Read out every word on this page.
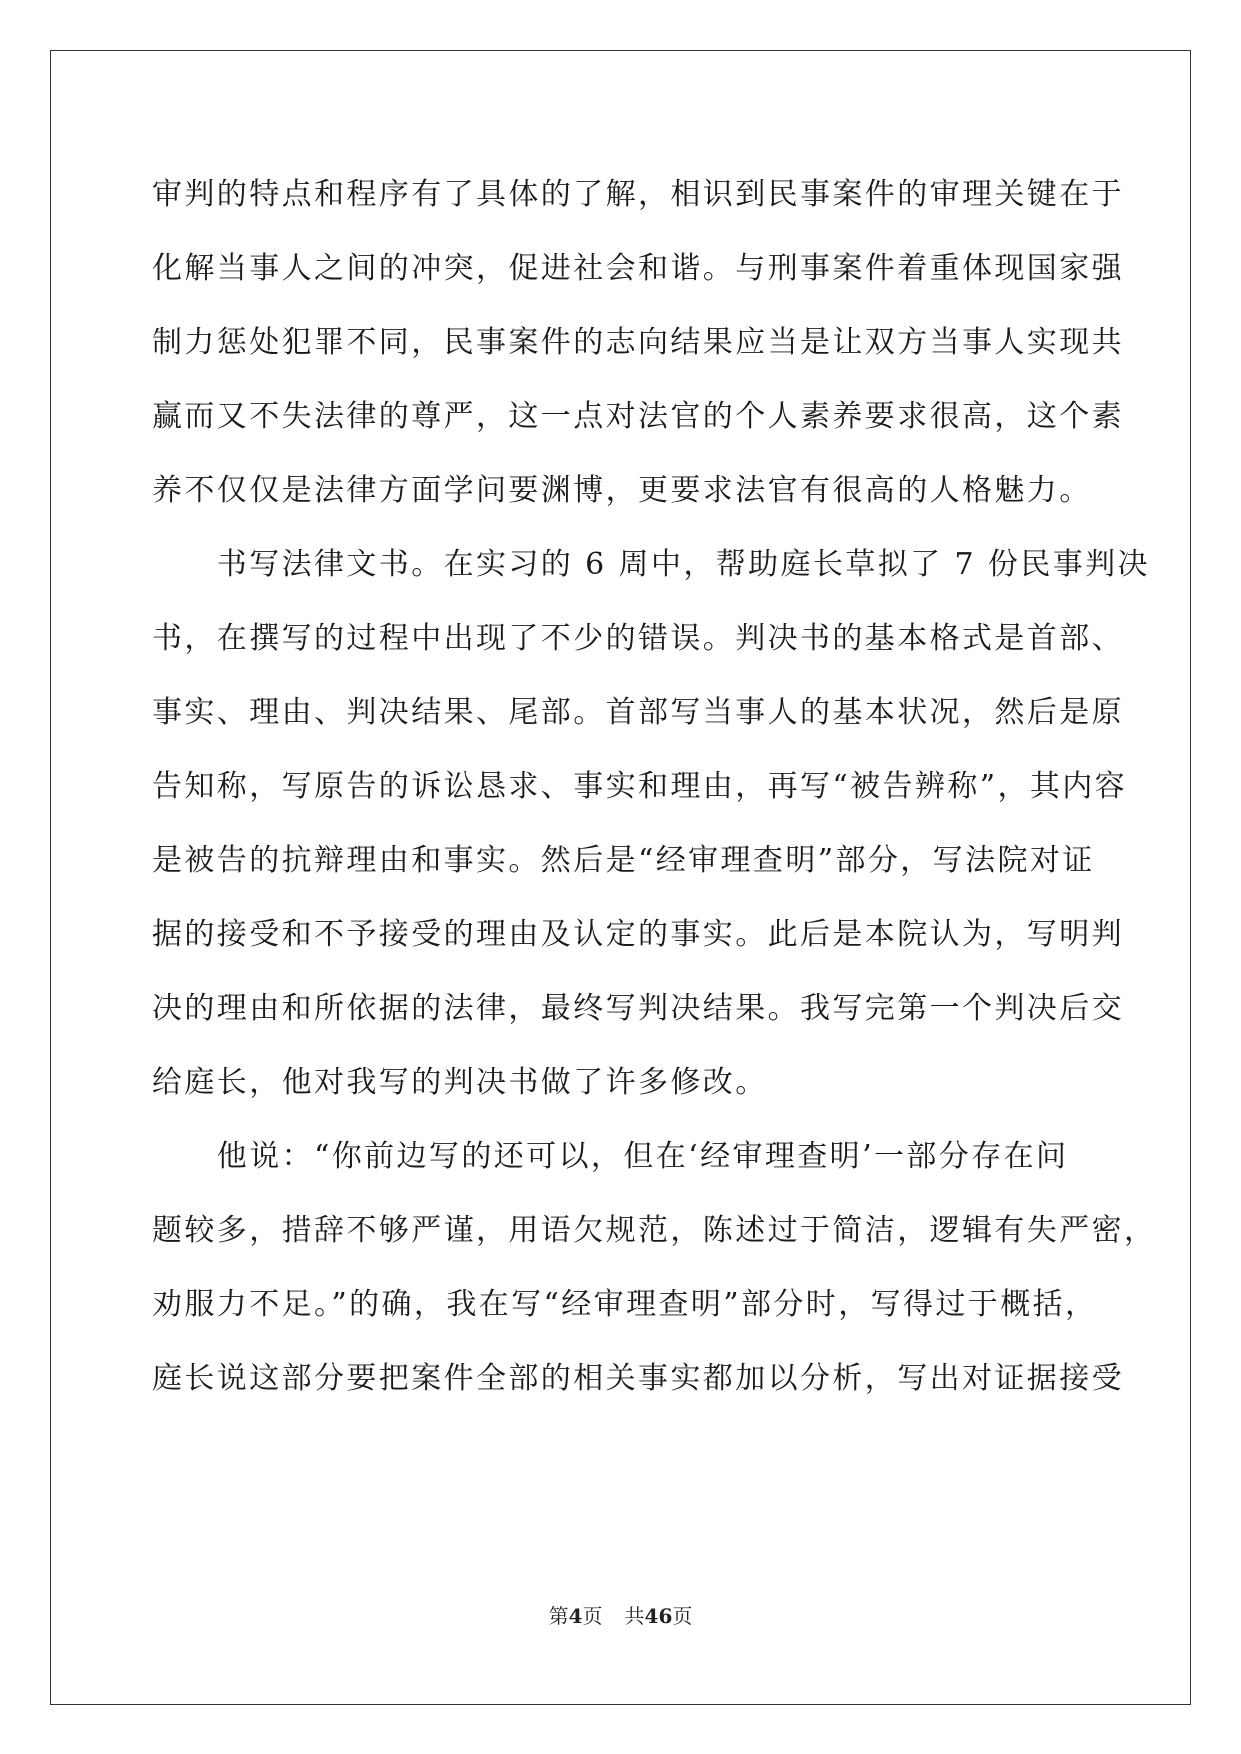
审判的特点和程序有了具体的了解，相识到民事案件的审理关键在于
化解当事人之间的冲突，促进社会和谐。与刑事案件着重体现国家强
制力惩处犯罪不同，民事案件的志向结果应当是让双方当事人实现共
赢而又不失法律的尊严，这一点对法官的个人素养要求很高，这个素
养不仅仅是法律方面学问要渊博，更要求法官有很高的人格魅力。
　　书写法律文书。在实习的 6 周中，帮助庭长草拟了 7 份民事判决
书，在撰写的过程中出现了不少的错误。判决书的基本格式是首部、
事实、理由、判决结果、尾部。首部写当事人的基本状况，然后是原
告知称，写原告的诉讼恳求、事实和理由，再写“被告辨称”，其内容
是被告的抗辩理由和事实。然后是“经审理查明”部分，写法院对证
据的接受和不予接受的理由及认定的事实。此后是本院认为，写明判
决的理由和所依据的法律，最终写判决结果。我写完第一个判决后交
给庭长，他对我写的判决书做了许多修改。
　　他说：“你前边写的还可以，但在‘经审理查明’一部分存在问
题较多，措辞不够严谨，用语欠规范，陈述过于简洁，逻辑有失严密，
劝服力不足。”的确，我在写“经审理查明”部分时，写得过于概括，
庭长说这部分要把案件全部的相关事实都加以分析，写出对证据接受
第4页 共46页
